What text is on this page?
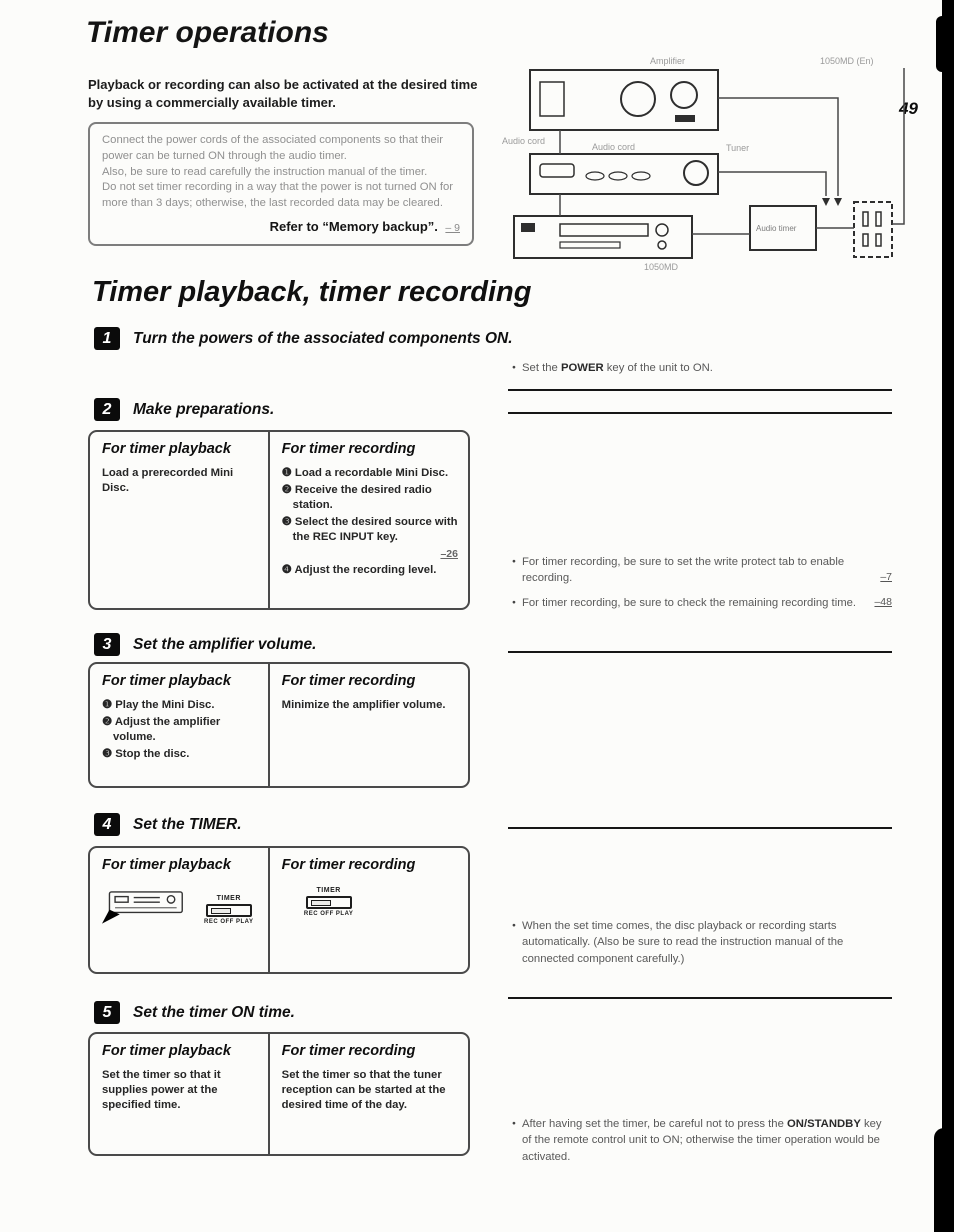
Timer operations
49

Playback or recording can also be activated at the desired time by using a commercially available timer.

Connect the power cords of the associated components so that their power can be turned ON through the audio timer.

Also, be sure to read carefully the instruction manual of the timer.

Do not set timer recording in a way that the power is not turned ON for more than 3 days; otherwise, the last recorded data may be cleared.

Refer to “Memory backup”. – 9

Amplifier	1050MD (En)
Audio cord
Audio cord	Tuner
Audio timer
1050MD
Timer playback, timer recording
1	Turn the powers of the associated components ON.

● Set the POWER key of the unit to ON.

2	Make preparations.
For timer playback

Load a prerecorded Mini Disc.

For timer recording

❶ Load a recordable Mini Disc.

❷ Receive the desired radio station.

❸ Select the desired source with the REC INPUT key.

–26

❹ Adjust the recording level.

● For timer recording, be sure to set the write protect tab to enable recording.	–7

● For timer recording, be sure to check the remaining recording time. –48

3	Set the amplifier volume.
For timer playback

❶ Play the Mini Disc.

❷ Adjust the amplifier volume.

❸ Stop the disc.

For timer recording

Minimize the amplifier volume.

4	Set the TIMER.
For timer playback
TIMER
REC OFF PLAY
For timer recording
TIMER
REC OFF PLAY

● When the set time comes, the disc playback or recording starts automatically. (Also be sure to read the instruction manual of the connected component carefully.)

5	Set the timer ON time.
For timer playback

Set the timer so that it supplies power at the specified time.

For timer recording

Set the timer so that the tuner reception can be started at the desired time of the day.

● After having set the timer, be careful not to press the ON/STANDBY key of the remote control unit to ON; otherwise the timer operation would be activated.
